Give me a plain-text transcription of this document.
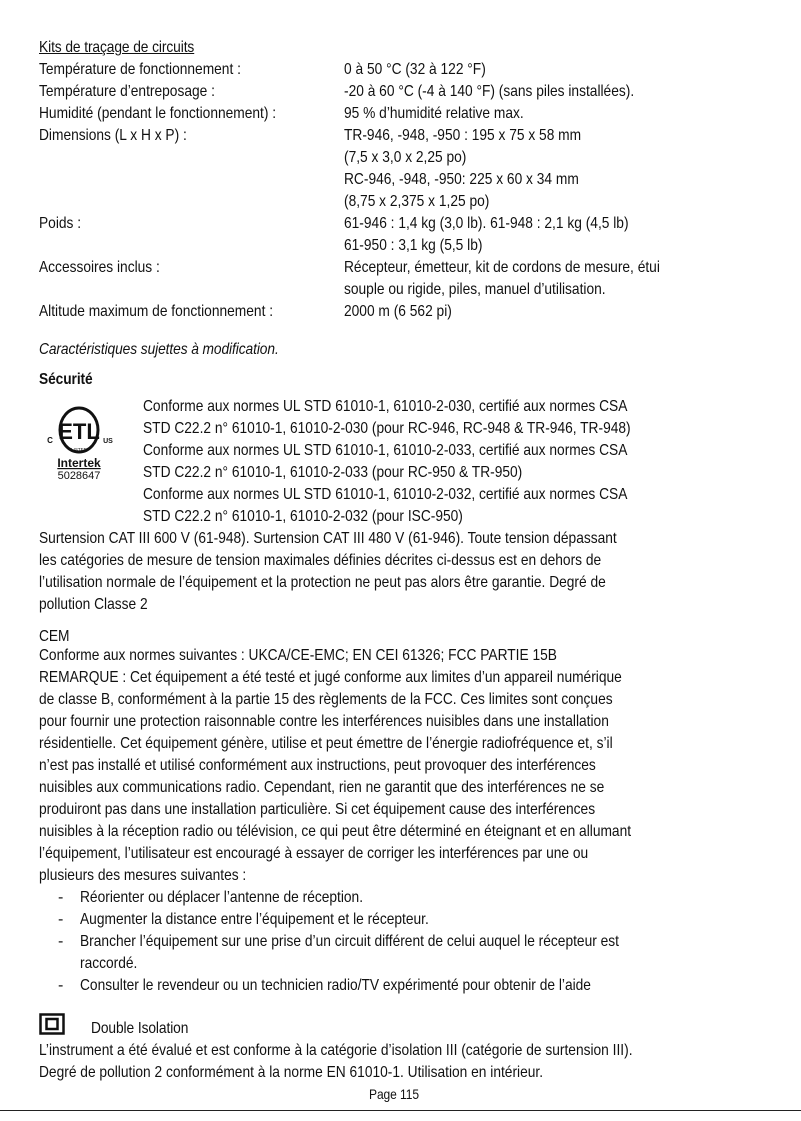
Kits de traçage de circuits
Température de fonctionnement :	0 à 50 °C (32 à 122 °F)
Température d’entreposage :	-20 à 60 °C (-4 à 140 °F) (sans piles installées).
Humidité (pendant le fonctionnement) :	95 % d’humidité relative max.
Dimensions (L x H x P) :	TR-946, -948, -950 : 195 x 75 x 58 mm
(7,5 x 3,0 x 2,25 po)
RC-946, -948, -950: 225 x 60 x 34 mm
(8,75 x 2,375 x 1,25 po)
Poids :	61-946 : 1,4 kg (3,0 lb). 61-948 : 2,1 kg (4,5 lb)
61-950 : 3,1 kg (5,5 lb)
Accessoires inclus :	Récepteur, émetteur, kit de cordons de mesure, étui
souple ou rigide, piles, manuel d’utilisation.
Altitude maximum de fonctionnement :	2000 m (6 562 pi)
Caractéristiques sujettes à modification.
Sécurité
ETL
C	US
LISTED
Intertek
5028647
Conforme aux normes UL STD 61010-1, 61010-2-030, certifié aux normes CSA
STD C22.2 n° 61010-1, 61010-2-030 (pour RC-946, RC-948 & TR-946, TR-948)
Conforme aux normes UL STD 61010-1, 61010-2-033, certifié aux normes CSA
STD C22.2 n° 61010-1, 61010-2-033 (pour RC-950 & TR-950)
Conforme aux normes UL STD 61010-1, 61010-2-032, certifié aux normes CSA
STD C22.2 n° 61010-1, 61010-2-032 (pour ISC-950)
Surtension CAT III 600 V (61-948). Surtension CAT III 480 V (61-946). Toute tension dépassant
les catégories de mesure de tension maximales définies décrites ci-dessus est en dehors de
l’utilisation normale de l’équipement et la protection ne peut pas alors être garantie. Degré de
pollution Classe 2
CEM
Conforme aux normes suivantes : UKCA/CE-EMC; EN CEI 61326; FCC PARTIE 15B
REMARQUE : Cet équipement a été testé et jugé conforme aux limites d’un appareil numérique
de classe B, conformément à la partie 15 des règlements de la FCC. Ces limites sont conçues
pour fournir une protection raisonnable contre les interférences nuisibles dans une installation
résidentielle. Cet équipement génère, utilise et peut émettre de l’énergie radiofréquence et, s’il
n’est pas installé et utilisé conformément aux instructions, peut provoquer des interférences
nuisibles aux communications radio. Cependant, rien ne garantit que des interférences ne se
produiront pas dans une installation particulière. Si cet équipement cause des interférences
nuisibles à la réception radio ou télévision, ce qui peut être déterminé en éteignant et en allumant
l’équipement, l’utilisateur est encouragé à essayer de corriger les interférences par une ou
plusieurs des mesures suivantes :
- Réorienter ou déplacer l’antenne de réception.
- Augmenter la distance entre l’équipement et le récepteur.
- Brancher l’équipement sur une prise d’un circuit différent de celui auquel le récepteur est
raccordé.
- Consulter le revendeur ou un technicien radio/TV expérimenté pour obtenir de l’aide
Double Isolation
L’instrument a été évalué et est conforme à la catégorie d’isolation III (catégorie de surtension III).
Degré de pollution 2 conformément à la norme EN 61010-1. Utilisation en intérieur.
Page 115
